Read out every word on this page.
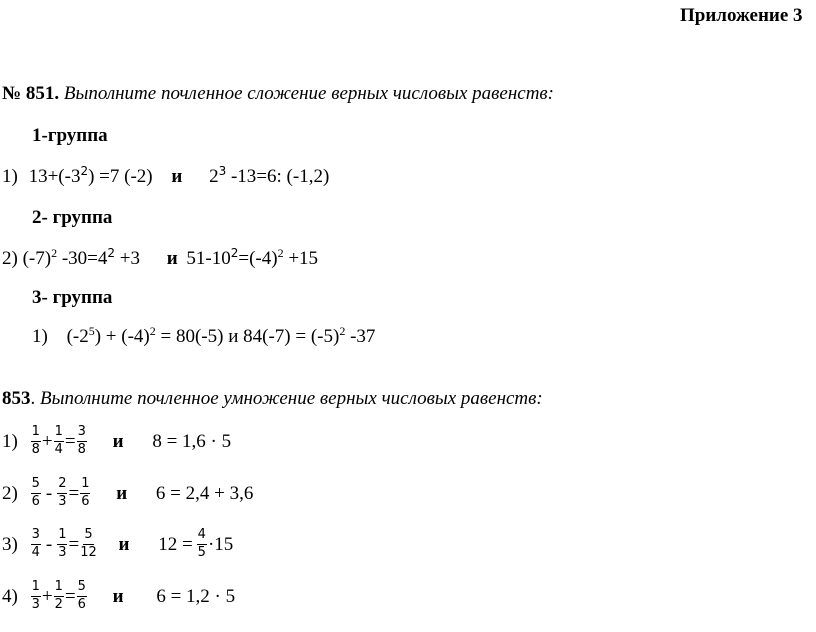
Приложение 3
№ 851. Выполните почленное сложение верных числовых равенств:
1-группа
1) $13+(-3^2) =7$ (-2) и $2^3$ -13=6: (-1,2)
2- группа
2) $(-7)^2$ $-30=4^2 +3$ и $51-10^2=(-4)^2 +15$
3- группа
1) $(-2^5) + (-4)^2 = 80(-5)$ и $84(-7) = (-5)^2$ -37
853. Выполните почленное умножение верных числовых равенств:
$1) \frac{1}{8} + \frac{1}{4} = \frac{3}{8}$ и 8 = 1,6 · 5
$2) \frac{5}{6} - \frac{2}{3} = \frac{1}{6}$ и 6 = 2,4 + 3,6
$3) \frac{3}{4} - \frac{1}{3} = \frac{5}{12}$ и $12 = \frac{4}{5} \cdot 15$
$4) \frac{1}{3} + \frac{1}{2} = \frac{5}{6}$ и 6 = 1,2 · 5
